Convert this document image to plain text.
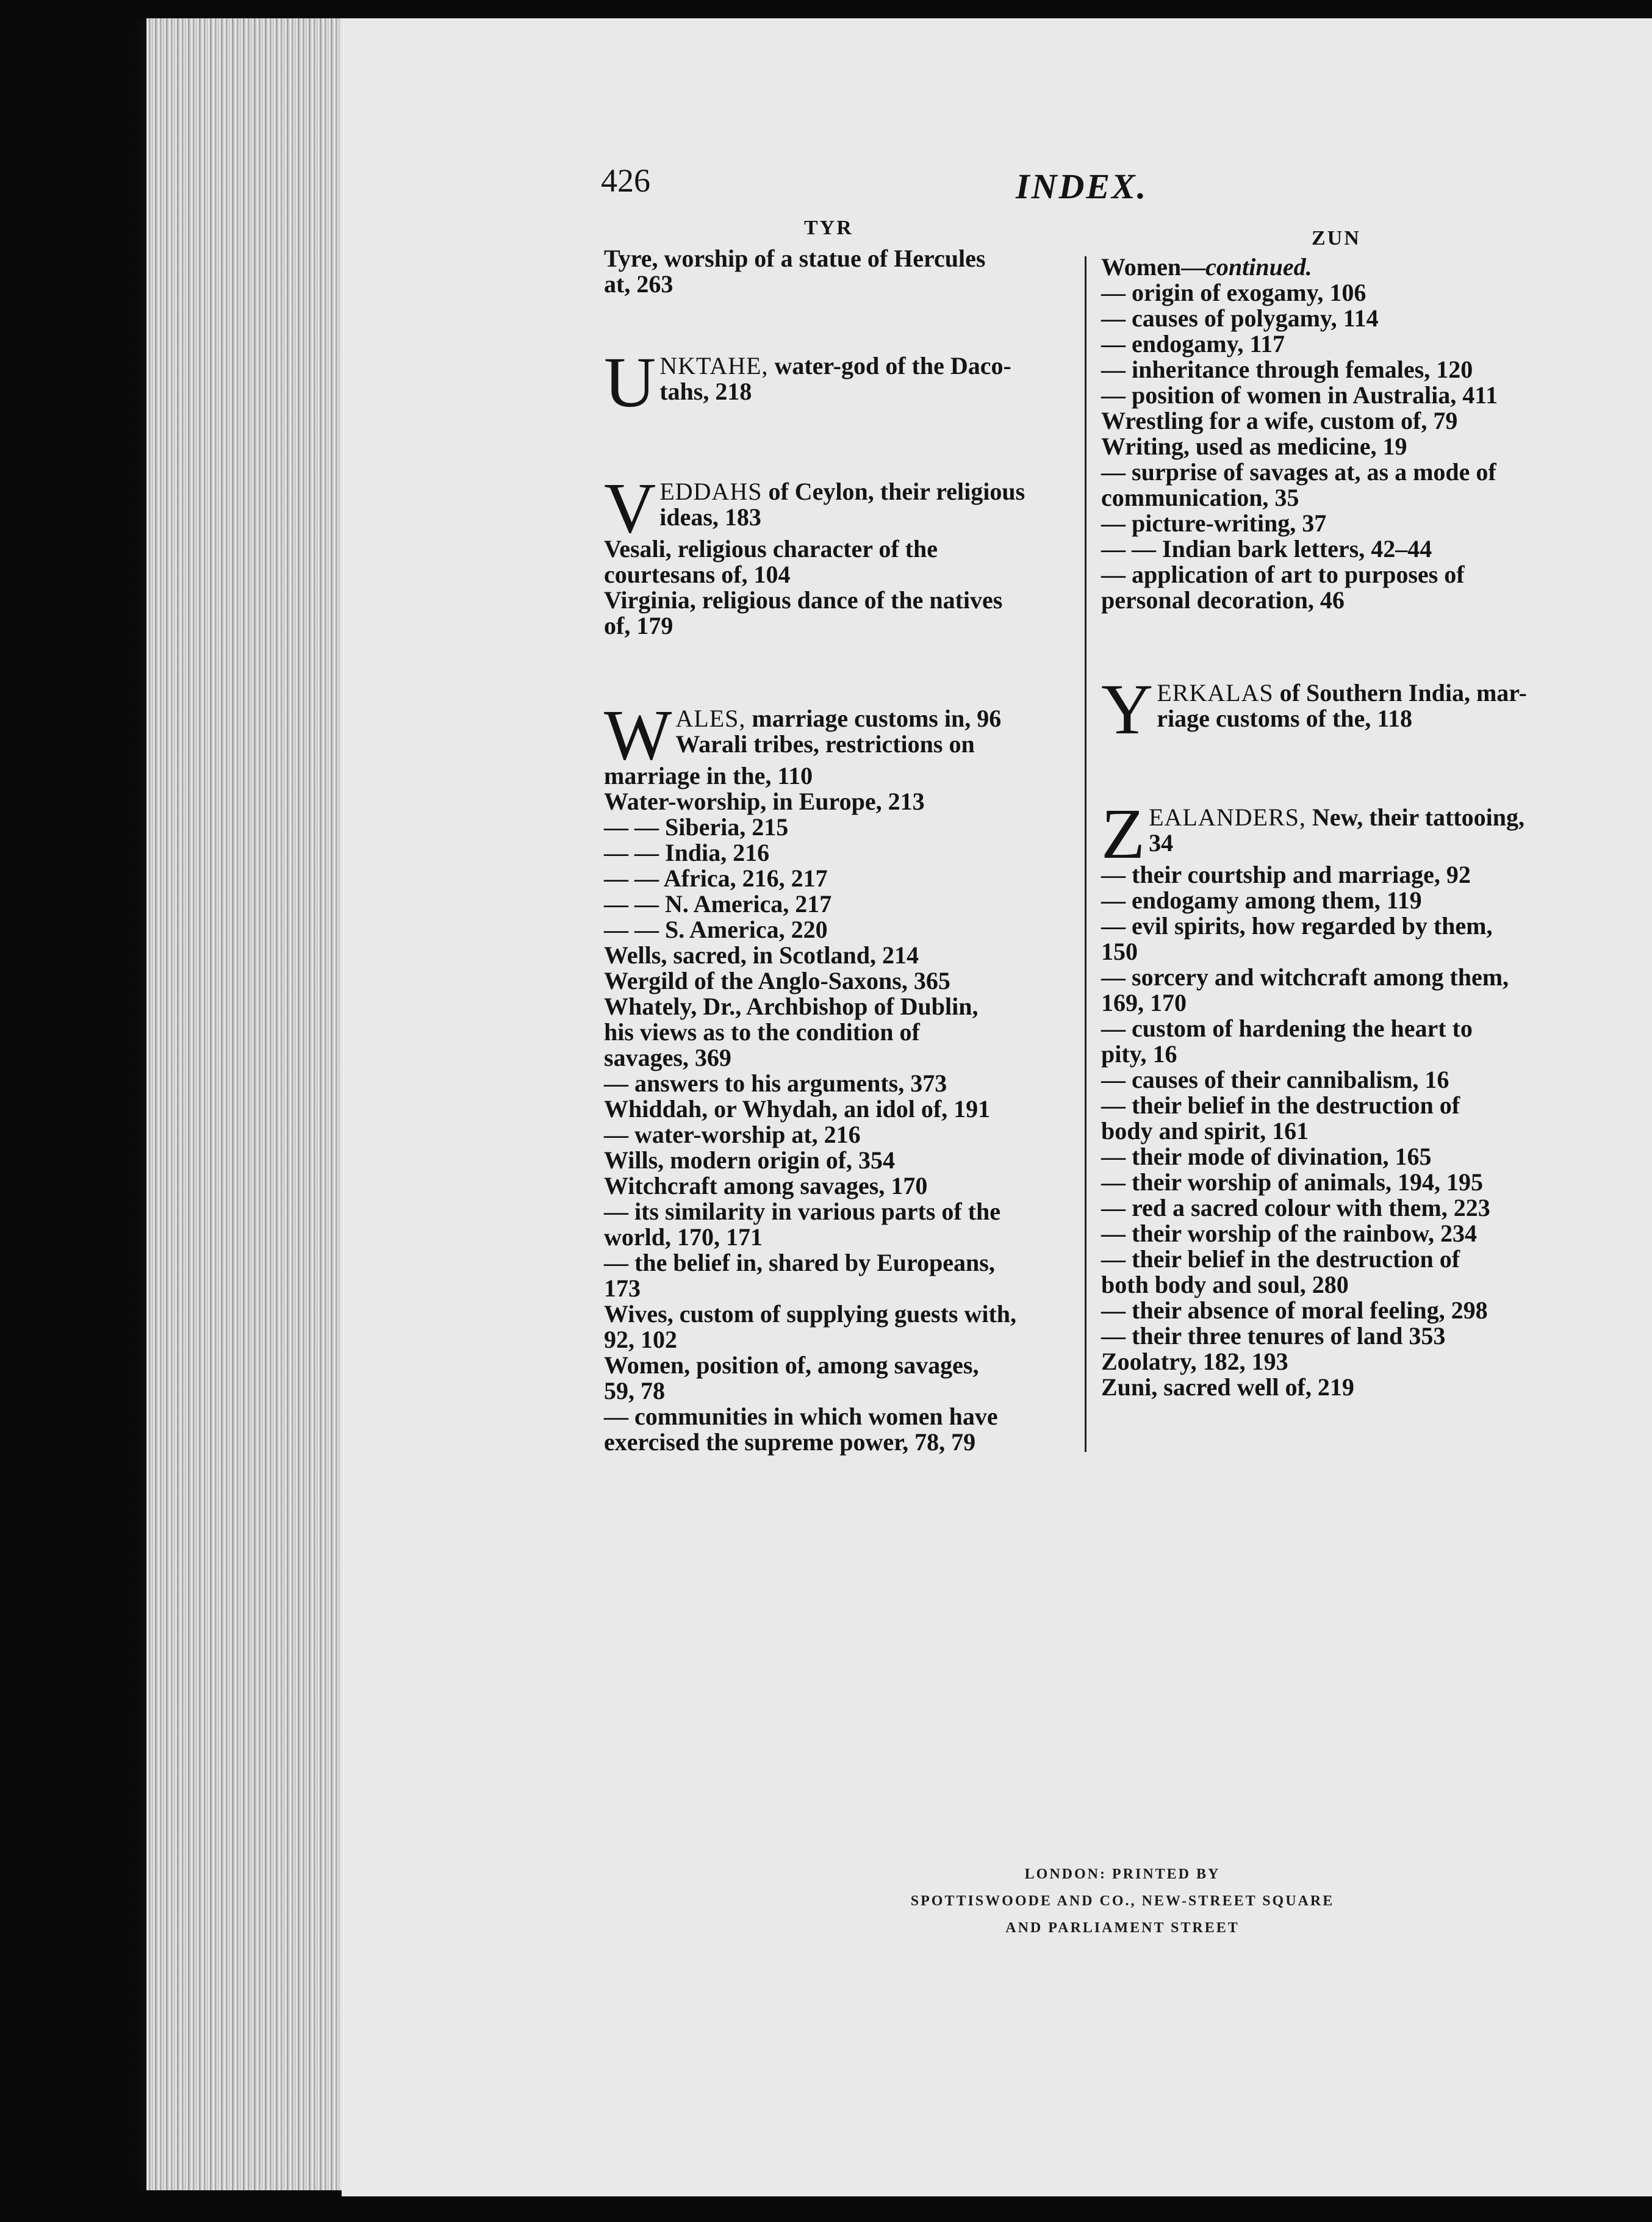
426	INDEX.
TYR	ZUN
Tyre, worship of a statue of Hercules
at, 263
U NKTAHE, water-god of the Daco-
tahs, 218
V EDDAHS of Ceylon, their religious
ideas, 183
Vesali, religious character of the
courtesans of, 104
Virginia, religious dance of the natives
of, 179
W ALES, marriage customs in, 96
Warali tribes, restrictions on
marriage in the, 110
Water-worship, in Europe, 213
— — Siberia, 215
— — India, 216
— — Africa, 216, 217
— — N. America, 217
— — S. America, 220
Wells, sacred, in Scotland, 214
Wergild of the Anglo-Saxons, 365
Whately, Dr., Archbishop of Dublin,
his views as to the condition of
savages, 369
— answers to his arguments, 373
Whiddah, or Whydah, an idol of, 191
— water-worship at, 216
Wills, modern origin of, 354
Witchcraft among savages, 170
— its similarity in various parts of the
world, 170, 171
— the belief in, shared by Europeans,
173
Wives, custom of supplying guests with,
92, 102
Women, position of, among savages,
59, 78
— communities in which women have
exercised the supreme power, 78, 79
Women—continued.
— origin of exogamy, 106
— causes of polygamy, 114
— endogamy, 117
— inheritance through females, 120
— position of women in Australia, 411
Wrestling for a wife, custom of, 79
Writing, used as medicine, 19
— surprise of savages at, as a mode of
communication, 35
— picture-writing, 37
— — Indian bark letters, 42–44
— application of art to purposes of
personal decoration, 46
Y ERKALAS of Southern India, mar-
riage customs of the, 118
Z EALANDERS, New, their tattooing,
34
— their courtship and marriage, 92
— endogamy among them, 119
— evil spirits, how regarded by them,
150
— sorcery and witchcraft among them,
169, 170
— custom of hardening the heart to
pity, 16
— causes of their cannibalism, 16
— their belief in the destruction of
body and spirit, 161
— their mode of divination, 165
— their worship of animals, 194, 195
— red a sacred colour with them, 223
— their worship of the rainbow, 234
— their belief in the destruction of
both body and soul, 280
— their absence of moral feeling, 298
— their three tenures of land 353
Zoolatry, 182, 193
Zuni, sacred well of, 219
LONDON: PRINTED BY
SPOTTISWOODE AND CO., NEW-STREET SQUARE
AND PARLIAMENT STREET
